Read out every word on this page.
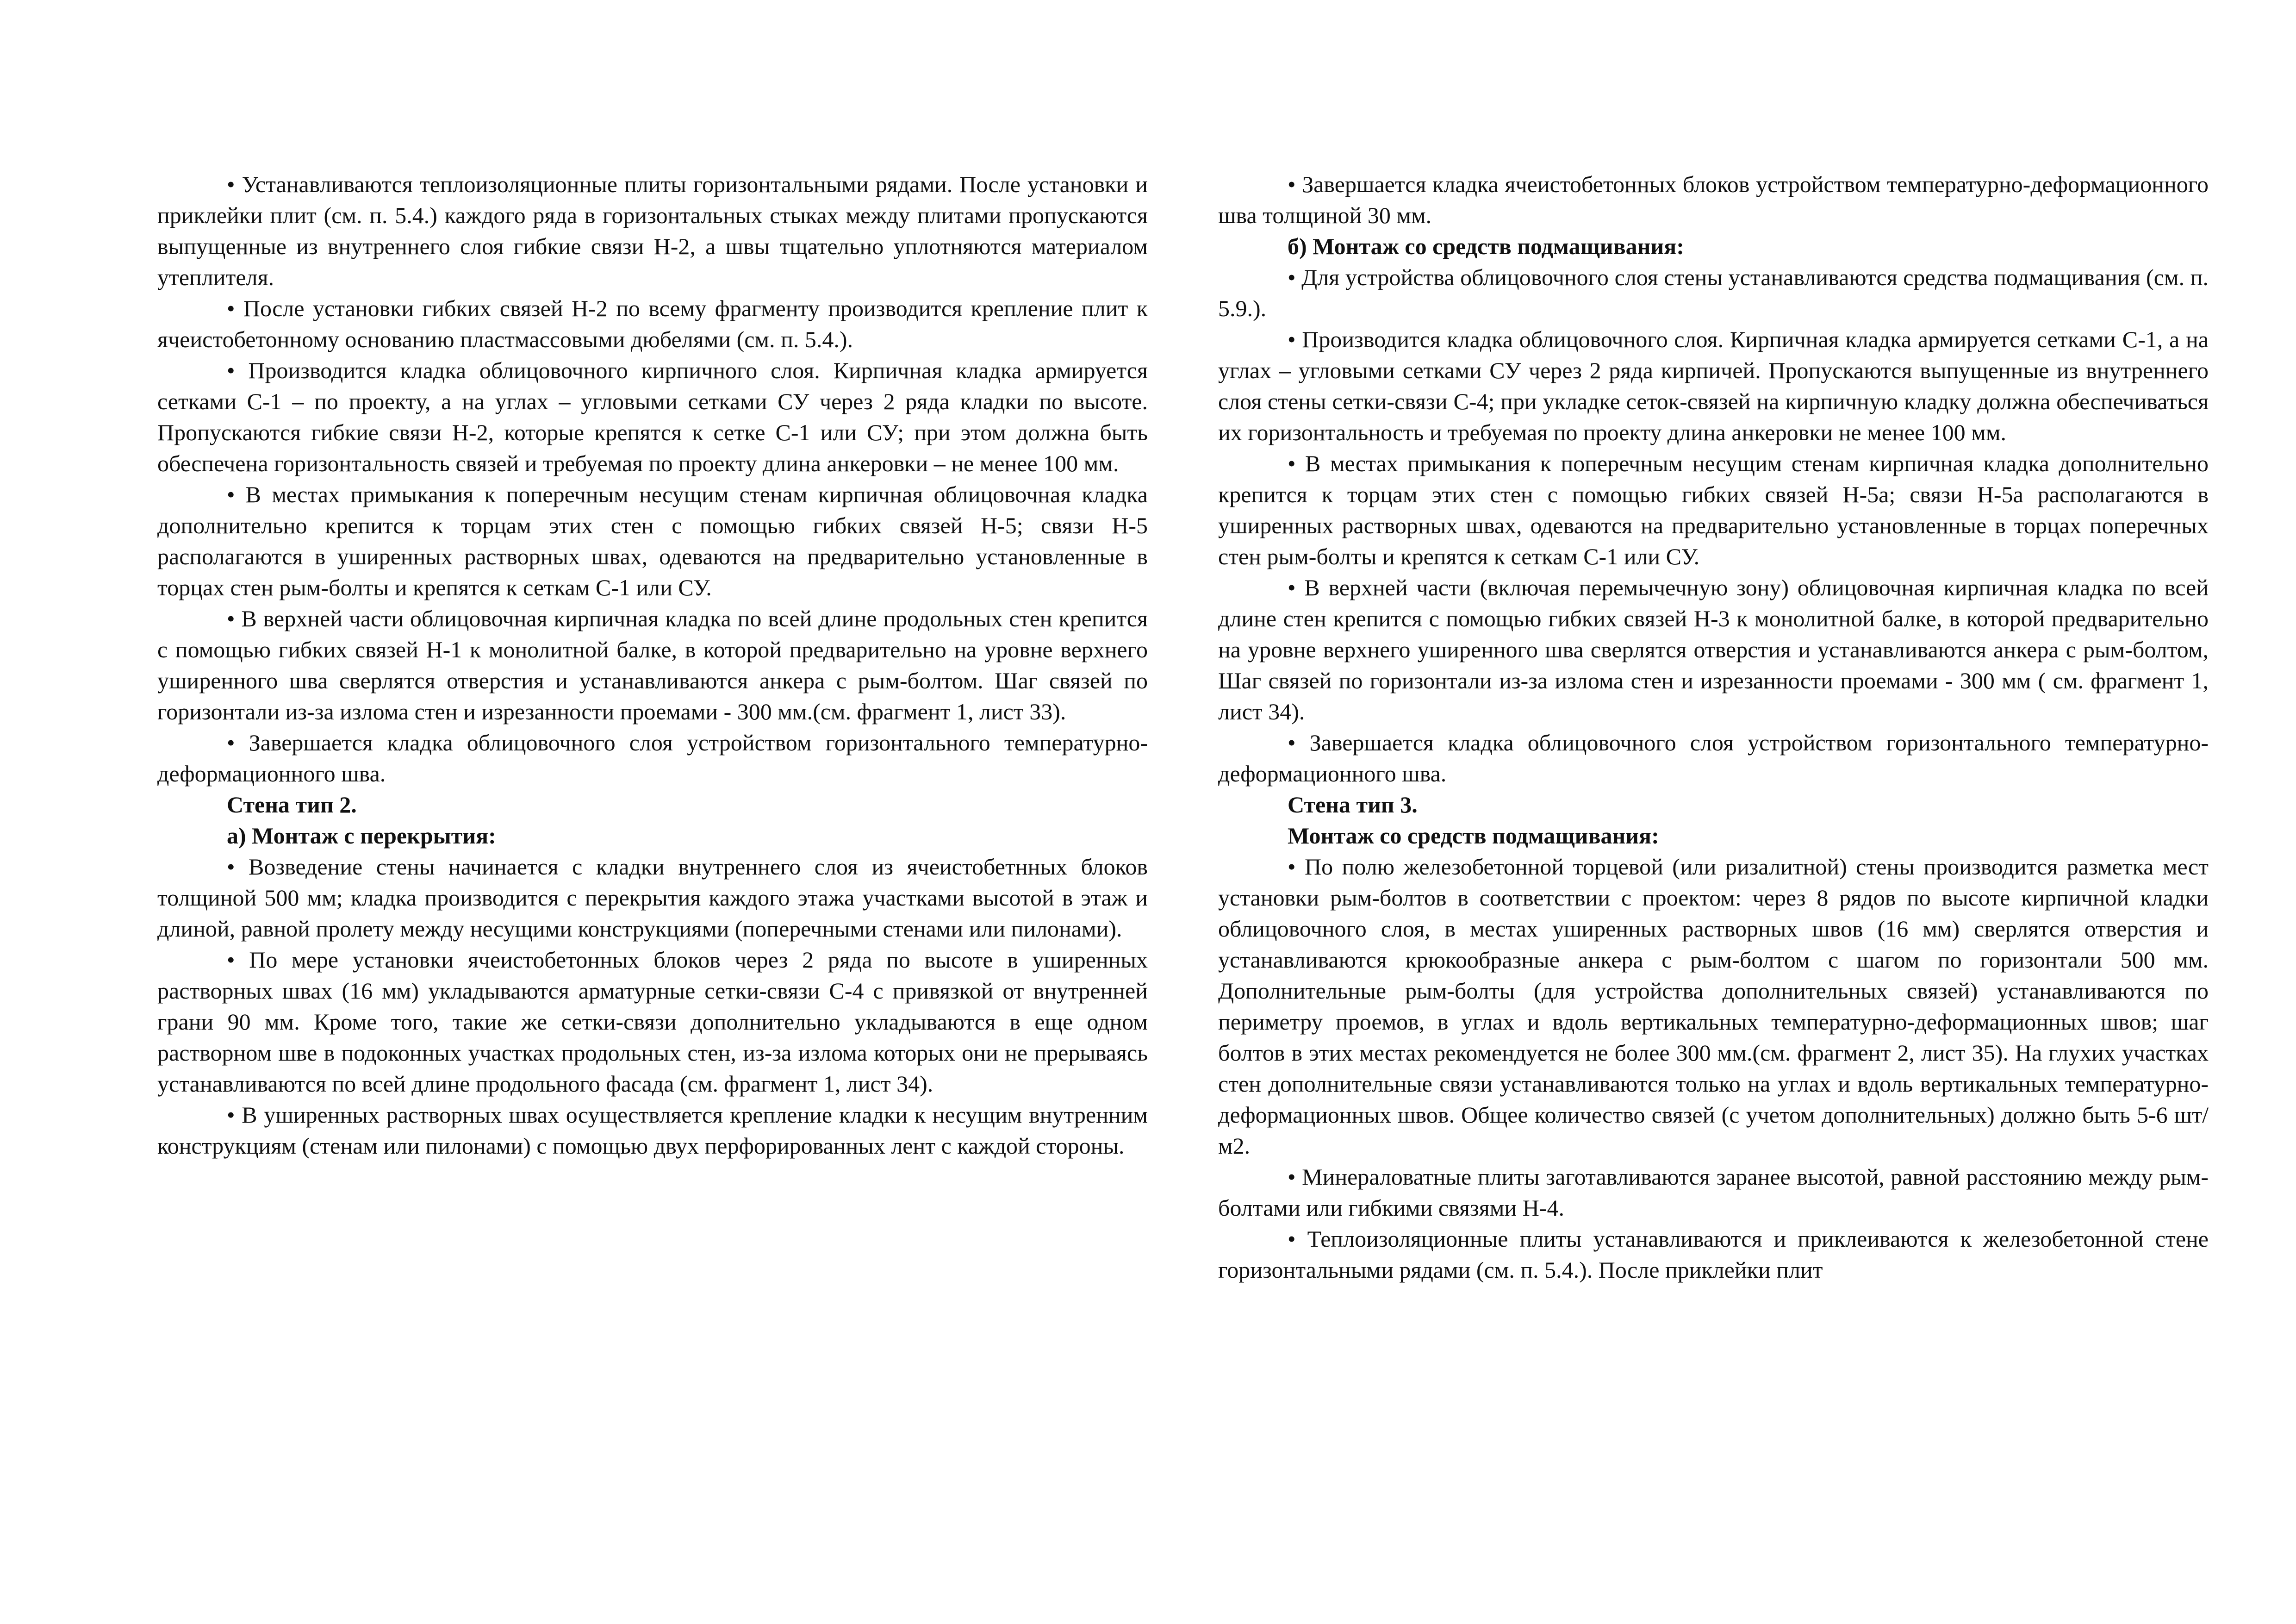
• Устанавливаются теплоизоляционные плиты горизонтальными рядами. После установки и приклейки плит (см. п. 5.4.) каждого ряда в горизонтальных стыках между плитами пропускаются выпущенные из внутреннего слоя гибкие связи Н-2, а швы тщательно уплотняются материалом утеплителя.

• После установки гибких связей Н-2 по всему фрагменту производится крепление плит к ячеистобетонному основанию пластмассовыми дюбелями (см. п. 5.4.).

• Производится кладка облицовочного кирпичного слоя. Кирпичная кладка армируется сетками С-1 – по проекту, а на углах – угловыми сетками СУ через 2 ряда кладки по высоте. Пропускаются гибкие связи Н-2, которые крепятся к сетке С-1 или СУ; при этом должна быть обеспечена горизонтальность связей и требуемая по проекту длина анкеровки – не менее 100 мм.

• В местах примыкания к поперечным несущим стенам кирпичная облицовочная кладка дополнительно крепится к торцам этих стен с помощью гибких связей Н-5; связи Н-5 располагаются в уширенных растворных швах, одеваются на предварительно установленные в торцах стен рым-болты и крепятся к сеткам С-1 или СУ.

• В верхней части облицовочная кирпичная кладка по всей длине продольных стен крепится с помощью гибких связей Н-1 к монолитной балке, в которой предварительно на уровне верхнего уширенного шва сверлятся отверстия и устанавливаются анкера с рым-болтом. Шаг связей по горизонтали из-за излома стен и изрезанности проемами - 300 мм.(см. фрагмент 1, лист 33).

• Завершается кладка облицовочного слоя устройством горизонтального температурно-деформационного шва.

Стена тип 2.

а) Монтаж с перекрытия:

• Возведение стены начинается с кладки внутреннего слоя из ячеистобетнных блоков толщиной 500 мм; кладка производится с перекрытия каждого этажа участками высотой в этаж и длиной, равной пролету между несущими конструкциями (поперечными стенами или пилонами).

• По мере установки ячеистобетонных блоков через 2 ряда по высоте в уширенных растворных швах (16 мм) укладываются арматурные сетки-связи С-4 с привязкой от внутренней грани 90 мм. Кроме того, такие же сетки-связи дополнительно укладываются в еще одном растворном шве в подоконных участках продольных стен, из-за излома которых они не прерываясь устанавливаются по всей длине продольного фасада (см. фрагмент 1, лист 34).

• В уширенных растворных швах осуществляется крепление кладки к несущим внутренним конструкциям (стенам или пилонами) с помощью двух перфорированных лент с каждой стороны.

• Завершается кладка ячеистобетонных блоков устройством температурно-деформационного шва толщиной 30 мм.

б) Монтаж со средств подмащивания:

• Для устройства облицовочного слоя стены устанавливаются средства подмащивания (см. п. 5.9.).

• Производится кладка облицовочного слоя. Кирпичная кладка армируется сетками С-1, а на углах – угловыми сетками СУ через 2 ряда кирпичей. Пропускаются выпущенные из внутреннего слоя стены сетки-связи С-4; при укладке сеток-связей на кирпичную кладку должна обеспечиваться их горизонтальность и требуемая по проекту длина анкеровки не менее 100 мм.

• В местах примыкания к поперечным несущим стенам кирпичная кладка дополнительно крепится к торцам этих стен с помощью гибких связей Н-5а; связи Н-5а располагаются в уширенных растворных швах, одеваются на предварительно установленные в торцах поперечных стен рым-болты и крепятся к сеткам С-1 или СУ.

• В верхней части (включая перемычечную зону) облицовочная кирпичная кладка по всей длине стен крепится с помощью гибких связей Н-3 к монолитной балке, в которой предварительно на уровне верхнего уширенного шва сверлятся отверстия и устанавливаются анкера с рым-болтом, Шаг связей по горизонтали из-за излома стен и изрезанности проемами - 300 мм ( см. фрагмент 1, лист 34).

• Завершается кладка облицовочного слоя устройством горизонтального температурно-деформационного шва.

Стена тип 3.

Монтаж со средств подмащивания:

• По полю железобетонной торцевой (или ризалитной) стены производится разметка мест установки рым-болтов в соответствии с проектом: через 8 рядов по высоте кирпичной кладки облицовочного слоя, в местах уширенных растворных швов (16 мм) сверлятся отверстия и устанавливаются крюкообразные анкера с рым-болтом с шагом по горизонтали 500 мм. Дополнительные рым-болты (для устройства дополнительных связей) устанавливаются по периметру проемов, в углах и вдоль вертикальных температурно-деформационных швов; шаг болтов в этих местах рекомендуется не более 300 мм.(см. фрагмент 2, лист 35). На глухих участках стен дополнительные связи устанавливаются только на углах и вдоль вертикальных температурно-деформационных швов. Общее количество связей (с учетом дополнительных) должно быть 5-6 шт/м2.

• Минераловатные плиты заготавливаются заранее высотой, равной расстоянию между рым-болтами или гибкими связями Н-4.

• Теплоизоляционные плиты устанавливаются и приклеиваются к железобетонной стене горизонтальными рядами (см. п. 5.4.). После приклейки плит
